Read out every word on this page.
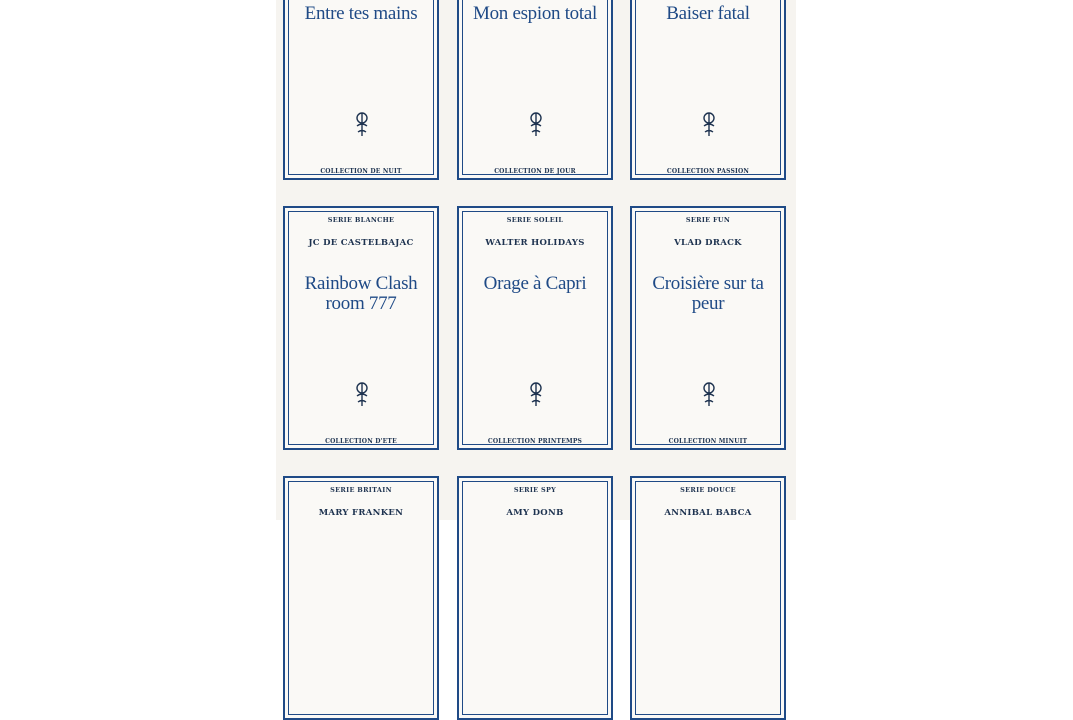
Entre tes mains
COLLECTION DE NUIT
Mon espion total
COLLECTION DE JOUR
Baiser fatal
COLLECTION PASSION
SERIE BLANCHE
JC DE CASTELBAJAC
Rainbow Clash room 777
COLLECTION D'ETE
SERIE SOLEIL
WALTER HOLIDAYS
Orage à Capri
COLLECTION PRINTEMPS
SERIE FUN
VLAD DRACK
Croisière sur ta peur
COLLECTION MINUIT
SERIE BRITAIN
MARY FRANKEN
SERIE SPY
AMY DONB
SERIE DOUCE
ANNIBAL BABCA
